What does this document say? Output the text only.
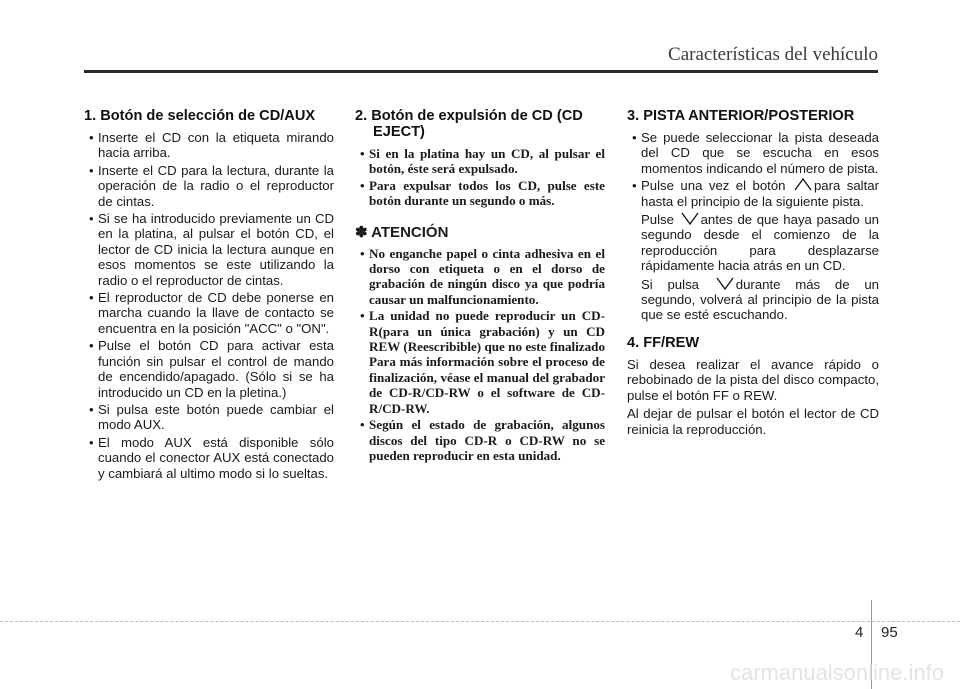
Características del vehículo
1. Botón de selección de CD/AUX
• Inserte el CD con la etiqueta mirando hacia arriba.
• Inserte el CD para la lectura, durante la operación de la radio o el reproductor de cintas.
• Si se ha introducido previamente un CD en la platina, al pulsar el botón CD, el lector de CD inicia la lectura aunque en esos momentos se este utilizando la radio o el reproductor de cintas.
• El reproductor de CD debe ponerse en marcha cuando la llave de contacto se encuentra en la posición "ACC" o "ON".
• Pulse el botón CD para activar esta función sin pulsar el control de mando de encendido/apagado. (Sólo si se ha introducido un CD en la pletina.)
• Si pulsa este botón puede cambiar el modo AUX.
• El modo AUX está disponible sólo cuando el conector AUX está conectado y cambiará al ultimo modo si lo sueltas.
2. Botón de expulsión de CD (CD EJECT)
• Si en la platina hay un CD, al pulsar el botón, éste será expulsado.
• Para expulsar todos los CD, pulse este botón durante un segundo o más.
✽ ATENCIÓN
• No enganche papel o cinta adhesiva en el dorso con etiqueta o en el dorso de grabación de ningún disco ya que podría causar un malfuncionamiento.
• La unidad no puede reproducir un CD-R(para un única grabación) y un CD REW (Reescribible) que no este finalizado Para más información sobre el proceso de finalización, véase el manual del grabador de CD-R/CD-RW o el software de CD-R/CD-RW.
• Según el estado de grabación, algunos discos del tipo CD-R o CD-RW no se pueden reproducir en esta unidad.
3. PISTA ANTERIOR/POSTERIOR
• Se puede seleccionar la pista deseada del CD que se escucha en esos momentos indicando el número de pista.
• Pulse una vez el botón para saltar hasta el principio de la siguiente pista.
Pulse antes de que haya pasado un segundo desde el comienzo de la reproducción para desplazarse rápidamente hacia atrás en un CD.
Si pulsa	durante más de un segundo, volverá al principio de la pista que se esté escuchando.
4. FF/REW

Si desea realizar el avance rápido o rebobinado de la pista del disco compacto, pulse el botón FF o REW.

Al dejar de pulsar el botón el lector de CD reinicia la reproducción.

4 95
carmanualsonline.info
